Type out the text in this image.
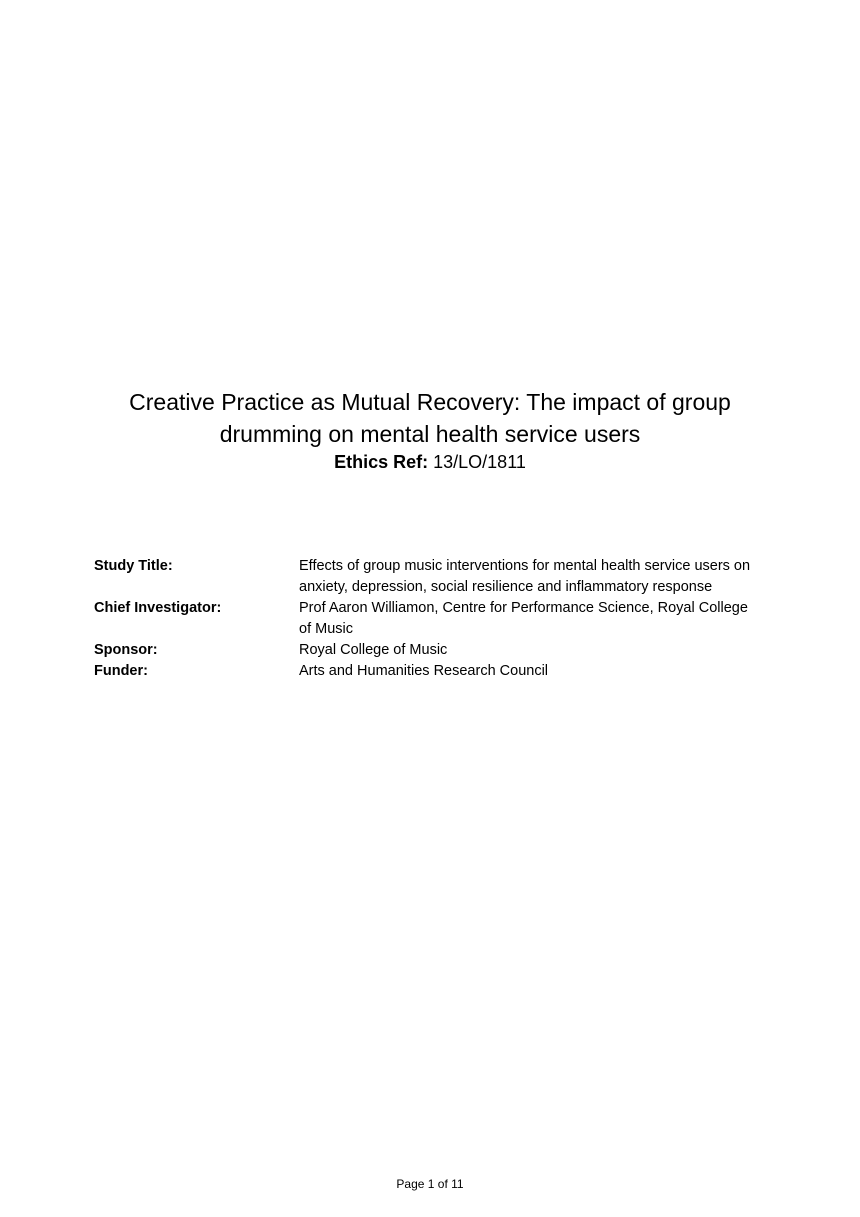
Creative Practice as Mutual Recovery: The impact of group drumming on mental health service users

Ethics Ref: 13/LO/1811

Study Title:	Effects of group music interventions for mental health service users on anxiety, depression, social resilience and inflammatory response
Chief Investigator:	Prof Aaron Williamon, Centre for Performance Science, Royal College of Music
Sponsor:	Royal College of Music
Funder:	Arts and Humanities Research Council
Page 1 of 11
